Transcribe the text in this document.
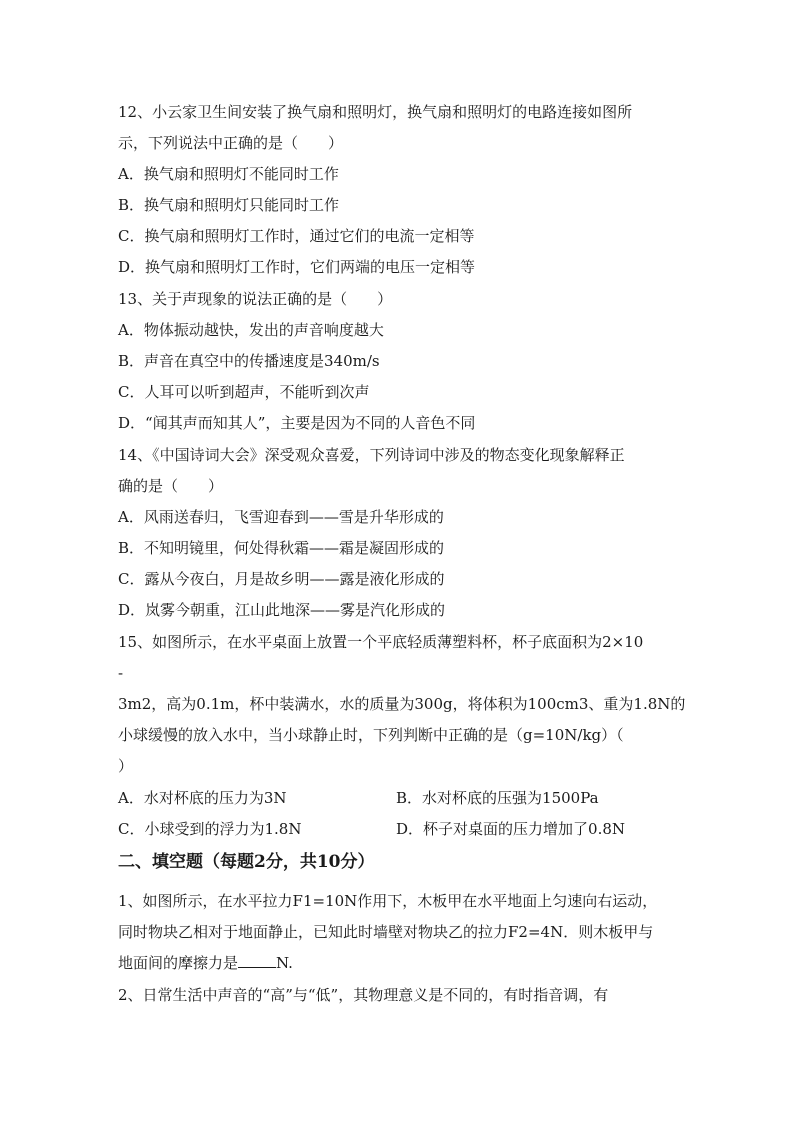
12、小云家卫生间安装了换气扇和照明灯，换气扇和照明灯的电路连接如图所
示，下列说法中正确的是（　　）
A．换气扇和照明灯不能同时工作
B．换气扇和照明灯只能同时工作
C．换气扇和照明灯工作时，通过它们的电流一定相等
D．换气扇和照明灯工作时，它们两端的电压一定相等
13、关于声现象的说法正确的是（　　）
A．物体振动越快，发出的声音响度越大
B．声音在真空中的传播速度是340m/s
C．人耳可以听到超声，不能听到次声
D．“闻其声而知其人”，主要是因为不同的人音色不同
14、《中国诗词大会》深受观众喜爱，下列诗词中涉及的物态变化现象解释正
确的是（　　）
A．风雨送春归，飞雪迎春到——雪是升华形成的
B．不知明镜里，何处得秋霜——霜是凝固形成的
C．露从今夜白，月是故乡明——露是液化形成的
D．岚雾今朝重，江山此地深——雾是汽化形成的
15、如图所示，在水平桌面上放置一个平底轻质薄塑料杯，杯子底面积为2×10
-
3m2，高为0.1m，杯中装满水，水的质量为300g，将体积为100cm3、重为1.8N的
小球缓慢的放入水中，当小球静止时，下列判断中正确的是（g=10N/kg）（
）
A．水对杯底的压力为3N	B．水对杯底的压强为1500Pa
C．小球受到的浮力为1.8N	D．杯子对桌面的压力增加了0.8N
二、填空题（每题2分，共10分）
1、如图所示，在水平拉力F1=10N作用下，木板甲在水平地面上匀速向右运动，
同时物块乙相对于地面静止，已知此时墙壁对物块乙的拉力F2=4N．则木板甲与
地面间的摩擦力是	N.
2、日常生活中声音的“高”与“低”，其物理意义是不同的，有时指音调，有
